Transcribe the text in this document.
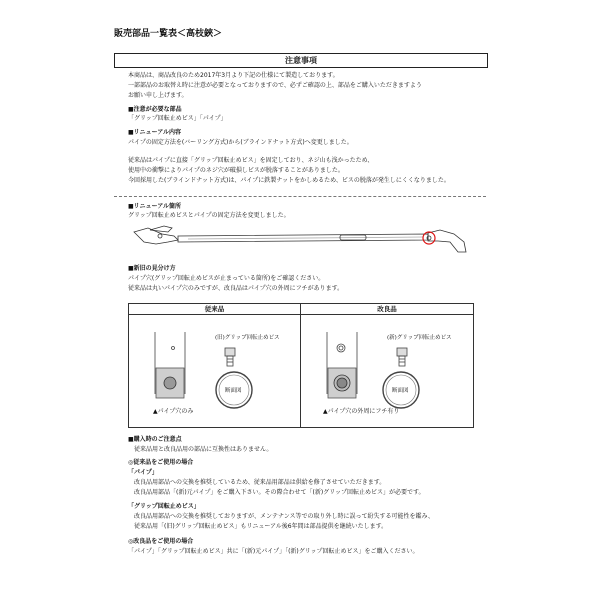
販売部品一覧表＜高枝鋏＞
注意事項
本商品は、商品改良のため2017年3月より下記の仕様にて製造しております。
一部部品のお取替え時に注意が必要となっておりますので、必ずご確認の上、部品をご購入いただきますよう
お願い申し上げます。
■注意が必要な部品
「グリップ回転止めビス」「パイプ」
■リニューアル内容
パイプの固定方法を(バーリング方式)から(ブラインドナット方式)へ変更しました。
従来品はパイプに直接「グリップ回転止めビス」を固定しており、ネジ山も浅かったため、
使用中の衝撃によりパイプのネジ穴が破損しビスが脱落することがありました。
今回採用した(ブラインドナット方式)は、パイプに鉄製ナットをかしめるため、ビスの脱落が発生しにくくなりました。
■リニューアル箇所
グリップ回転止めビスとパイプの固定方法を変更しました。
■新旧の見分け方
パイプ穴(グリップ回転止めビスが止まっている箇所)をご確認ください。
従来品は丸いパイプ穴のみですが、改良品はパイプ穴の外周にフチがあります。
従来品
(旧)グリップ回転止めビス
断面図
▲パイプ穴のみ
改良品
(新)グリップ回転止めビス
断面図
▲パイプ穴の外周にフチ有り
■購入時のご注意点
従来品用と改良品用の部品に互換性はありません。
◎従来品をご使用の場合
「パイプ」
改良品用部品への交換を推奨しているため、従来品用部品は供給を修了させていただきます。
改良品用部品「(新)元パイプ」をご購入下さい。その際合わせて「(新)グリップ回転止めビス」が必要です。
「グリップ回転止めビス」
改良品用部品への交換を推奨しておりますが、メンテナンス等での取り外し時に誤って紛失する可能性を鑑み、
従来品用「(旧)グリップ回転止めビス」もリニューアル後6年間は部品提供を継続いたします。
◎改良品をご使用の場合
「パイプ」「グリップ回転止めビス」共に「(新)元パイプ」「(新)グリップ回転止めビス」をご購入ください。
